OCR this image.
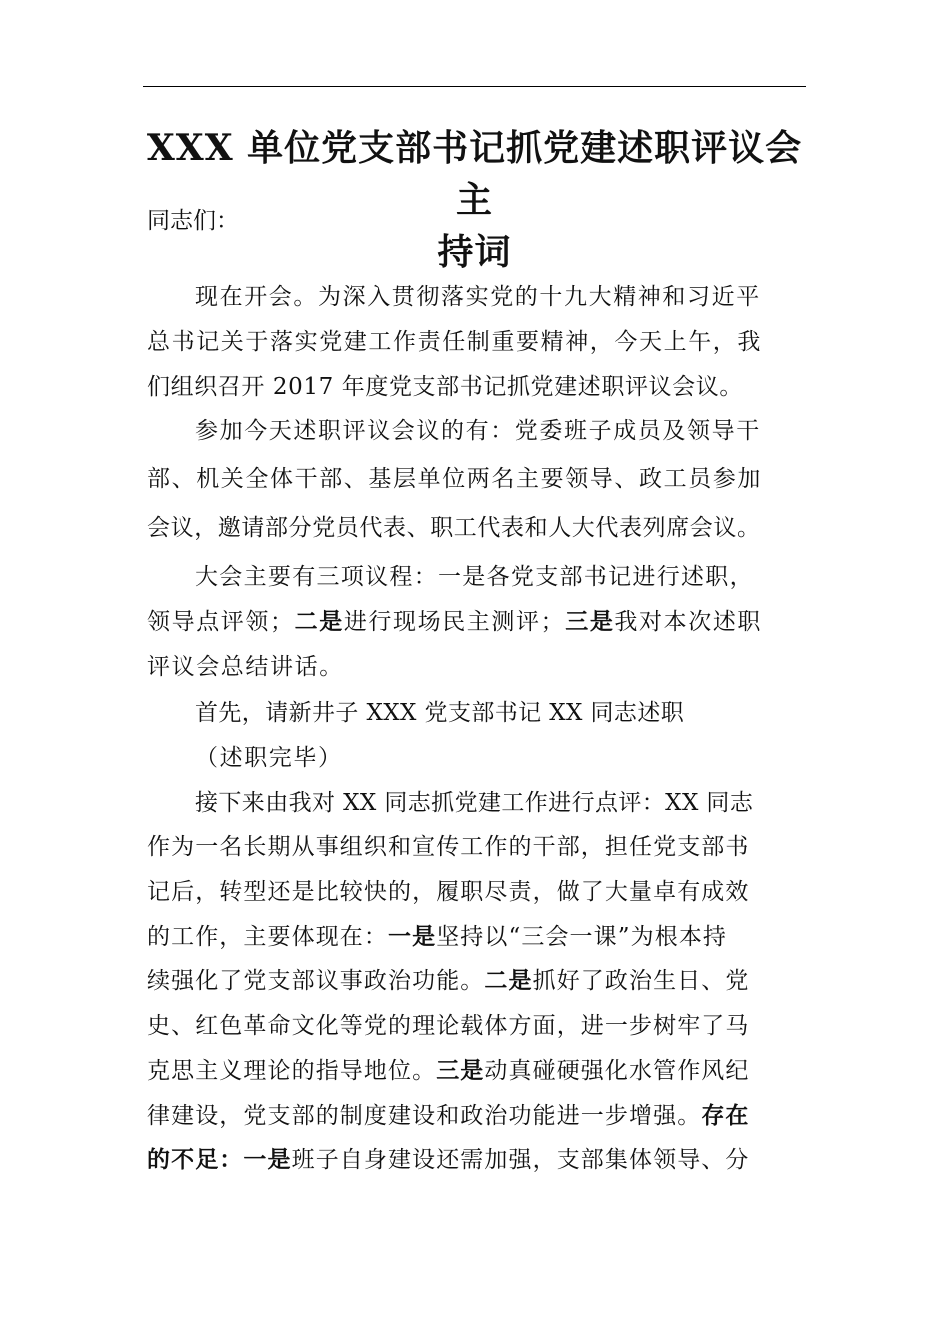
XXX 单位党支部书记抓党建述职评议会主
持词
同志们：
现在开会。为深入贯彻落实党的十九大精神和习近平
总书记关于落实党建工作责任制重要精神，今天上午，我
们组织召开 2017 年度党支部书记抓党建述职评议会议。
参加今天述职评议会议的有：党委班子成员及领导干
部、机关全体干部、基层单位两名主要领导、政工员参加
会议，邀请部分党员代表、职工代表和人大代表列席会议。
大会主要有三项议程：一是各党支部书记进行述职，
领导点评领；二是进行现场民主测评；三是我对本次述职
评议会总结讲话。
首先，请新井子 XXX 党支部书记 XX 同志述职
（述职完毕）
接下来由我对 XX 同志抓党建工作进行点评：XX 同志
作为一名长期从事组织和宣传工作的干部，担任党支部书
记后，转型还是比较快的，履职尽责，做了大量卓有成效
的工作，主要体现在：一是坚持以“三会一课”为根本持
续强化了党支部议事政治功能。二是抓好了政治生日、党
史、红色革命文化等党的理论载体方面，进一步树牢了马
克思主义理论的指导地位。三是动真碰硬强化水管作风纪
律建设，党支部的制度建设和政治功能进一步增强。存在
的不足：一是班子自身建设还需加强，支部集体领导、分
